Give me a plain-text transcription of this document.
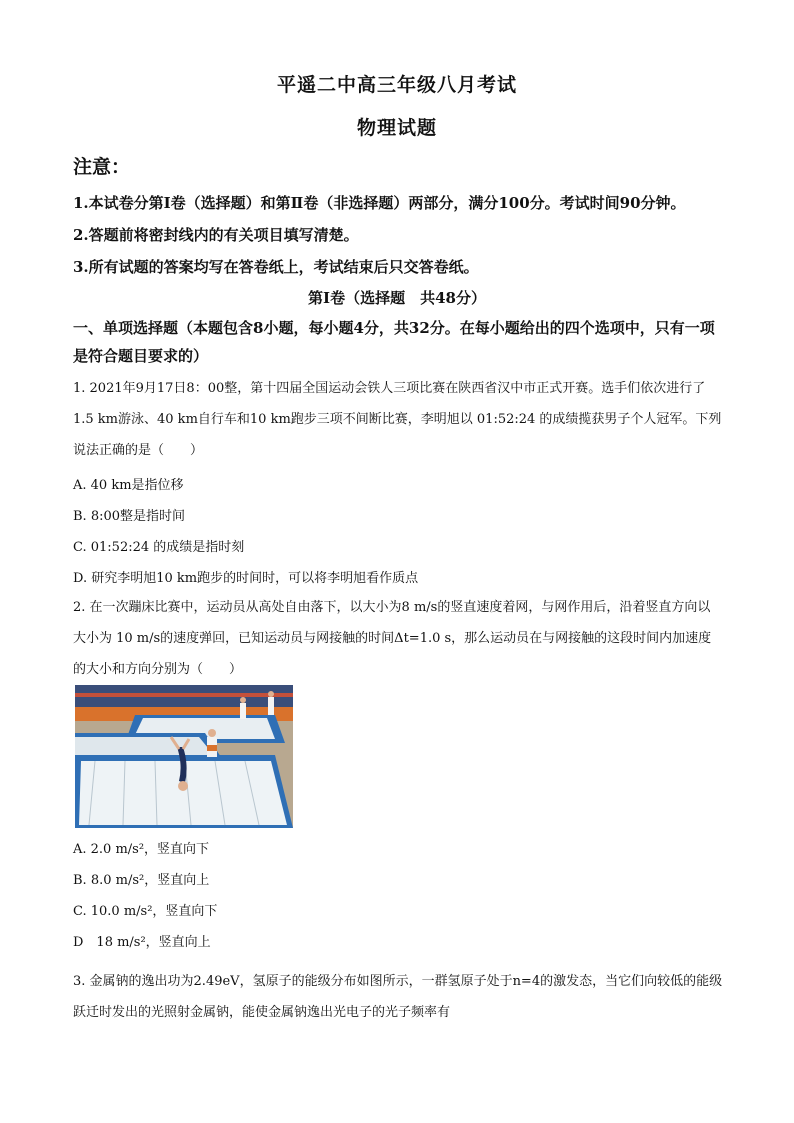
平遥二中高三年级八月考试
物理试题
注意：
1.本试卷分第Ⅰ卷（选择题）和第Ⅱ卷（非选择题）两部分，满分100分。考试时间90分钟。
2.答题前将密封线内的有关项目填写清楚。
3.所有试题的答案均写在答卷纸上，考试结束后只交答卷纸。
第Ⅰ卷（选择题　共48分）
一、单项选择题（本题包含8小题，每小题4分，共32分。在每小题给出的四个选项中，只有一项是符合题目要求的）
1. 2021年9月17日8：00整，第十四届全国运动会铁人三项比赛在陕西省汉中市正式开赛。选手们依次进行了 1.5 km游泳、40 km自行车和10 km跑步三项不间断比赛，李明旭以 01:52:24 的成绩揽获男子个人冠军。下列说法正确的是（　　）
A. 40 km是指位移
B. 8:00整是指时间
C. 01:52:24 的成绩是指时刻
D. 研究李明旭10 km跑步的时间时，可以将李明旭看作质点
2. 在一次蹦床比赛中，运动员从高处自由落下，以大小为8 m/s的竖直速度着网，与网作用后，沿着竖直方向以大小为 10 m/s的速度弹回，已知运动员与网接触的时间Δt=1.0 s，那么运动员在与网接触的这段时间内加速度的大小和方向分别为（　　）
A. 2.0 m/s²，竖直向下
B. 8.0 m/s²，竖直向上
C. 10.0 m/s²，竖直向下
D　18 m/s²，竖直向上
3. 金属钠的逸出功为2.49eV，氢原子的能级分布如图所示，一群氢原子处于n=4的激发态，当它们向较低的能级跃迁时发出的光照射金属钠，能使金属钠逸出光电子的光子频率有
